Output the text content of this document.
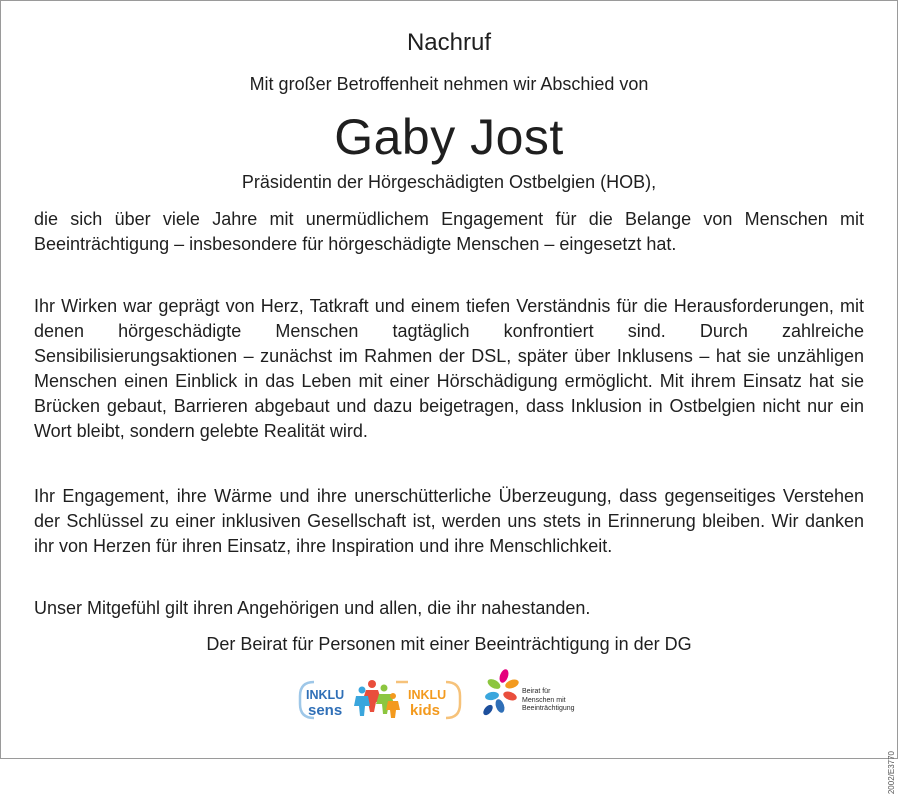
Nachruf
Mit großer Betroffenheit nehmen wir Abschied von
Gaby Jost
Präsidentin der Hörgeschädigten Ostbelgien (HOB),
die sich über viele Jahre mit unermüdlichem Engagement für die Belange von Menschen mit Beeinträchtigung – insbesondere für hörgeschädigte Menschen – eingesetzt hat.
Ihr Wirken war geprägt von Herz, Tatkraft und einem tiefen Verständnis für die Herausforderungen, mit denen hörgeschädigte Menschen tagtäglich konfrontiert sind. Durch zahlreiche Sensibilisierungsaktionen – zunächst im Rahmen der DSL, später über Inklusens – hat sie unzähligen Menschen einen Einblick in das Leben mit einer Hörschädigung ermöglicht. Mit ihrem Einsatz hat sie Brücken gebaut, Barrieren abgebaut und dazu beigetragen, dass Inklusion in Ostbelgien nicht nur ein Wort bleibt, sondern gelebte Realität wird.
Ihr Engagement, ihre Wärme und ihre unerschütterliche Überzeugung, dass gegenseitiges Verstehen der Schlüssel zu einer inklusiven Gesellschaft ist, werden uns stets in Erinnerung bleiben. Wir danken ihr von Herzen für ihren Einsatz, ihre Inspiration und ihre Menschlichkeit.
Unser Mitgefühl gilt ihren Angehörigen und allen, die ihr nahestanden.
Der Beirat für Personen mit einer Beeinträchtigung in der DG
INKLU
sens
INKLU
kids
Beirat für
Menschen mit
Beeinträchtigung
2002/E3770
